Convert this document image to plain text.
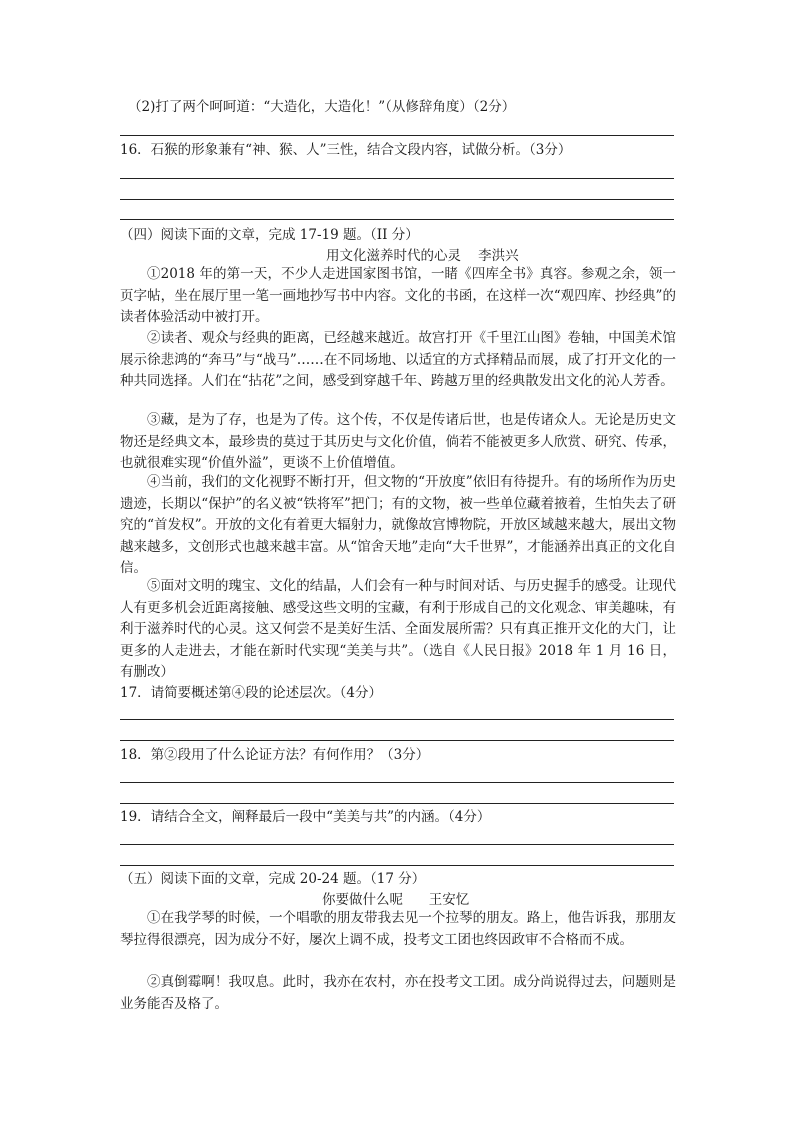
（2)打了两个呵呵道：“大造化，大造化！”（从修辞角度）（2分）
16．石猴的形象兼有“神、猴、人”三性，结合文段内容，试做分析。（3分）
（四）阅读下面的文章，完成 17-19 题。（II 分）
用文化滋养时代的心灵 李洪兴
①2018 年的第一天，不少人走进国家图书馆，一睹《四库全书》真容。参观之余，领一页字帖，坐在展厅里一笔一画地抄写书中内容。文化的书函，在这样一次“观四库、抄经典”的读者体验活动中被打开。
②读者、观众与经典的距离，已经越来越近。故宫打开《千里江山图》卷轴，中国美术馆展示徐悲鸿的“奔马”与“战马”……在不同场地、以适宜的方式择精品而展，成了打开文化的一种共同选择。人们在“拈花”之间，感受到穿越千年、跨越万里的经典散发出文化的沁人芳香。
③藏，是为了存，也是为了传。这个传，不仅是传诸后世，也是传诸众人。无论是历史文物还是经典文本，最珍贵的莫过于其历史与文化价值，倘若不能被更多人欣赏、研究、传承，也就很难实现“价值外溢”，更谈不上价值增值。
④当前，我们的文化视野不断打开，但文物的“开放度”依旧有待提升。有的场所作为历史遗迹，长期以“保护”的名义被“铁将军”把门；有的文物，被一些单位藏着掖着，生怕失去了研究的“首发权”。开放的文化有着更大辐射力，就像故宫博物院，开放区域越来越大，展出文物越来越多，文创形式也越来越丰富。从“馆舍天地”走向“大千世界”，才能涵养出真正的文化自信。
⑤面对文明的瑰宝、文化的结晶，人们会有一种与时间对话、与历史握手的感受。让现代人有更多机会近距离接触、感受这些文明的宝藏，有利于形成自己的文化观念、审美趣味，有利于滋养时代的心灵。这又何尝不是美好生活、全面发展所需？只有真正推开文化的大门，让更多的人走进去，才能在新时代实现“美美与共”。（选自《人民日报》2018 年 1 月 16 日，有删改）
17．请简要概述第④段的论述层次。（4分）
18．第②段用了什么论证方法？有何作用？（3分）
19．请结合全文，阐释最后一段中“美美与共”的内涵。（4分）
（五）阅读下面的文章，完成 20-24 题。（17 分）
你要做什么呢 王安忆
①在我学琴的时候，一个唱歌的朋友带我去见一个拉琴的朋友。路上，他告诉我，那朋友琴拉得很漂亮，因为成分不好，屡次上调不成，投考文工团也终因政审不合格而不成。
②真倒霉啊！我叹息。此时，我亦在农村，亦在投考文工团。成分尚说得过去，问题则是业务能否及格了。
